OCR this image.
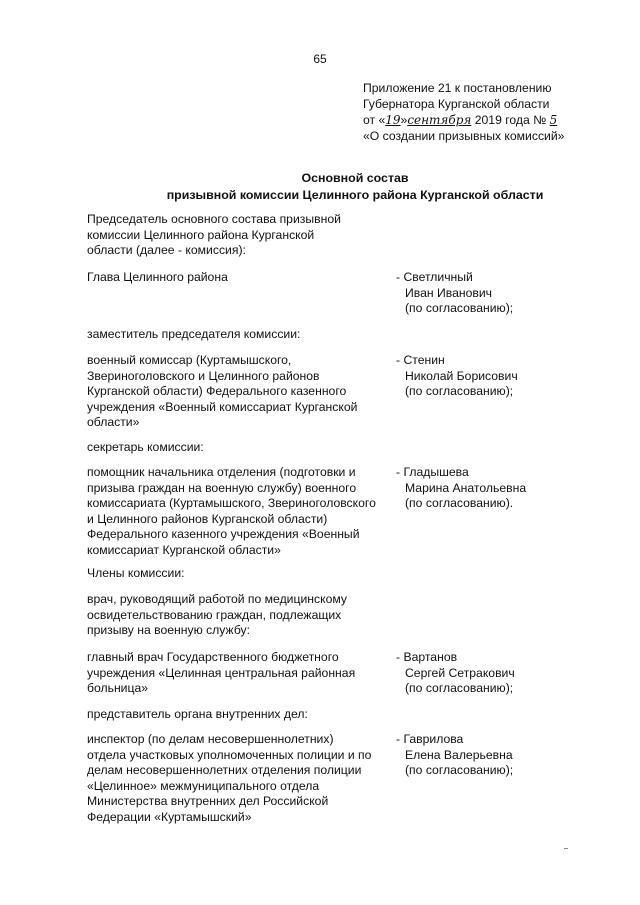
65
Приложение 21 к постановлению
Губернатора Курганской области
от «19»сентября 2019 года № 5
«О создании призывных комиссий»
Основной состав
призывной комиссии Целинного района Курганской области
Председатель основного состава призывной
комиссии Целинного района Курганской
области (далее - комиссия):
Глава Целинного района	- Светличный
Иван Иванович
(по согласованию);
заместитель председателя комиссии:
военный комиссар (Куртамышского,
Звериноголовского и Целинного районов
Курганской области) Федерального казенного
учреждения «Военный комиссариат Курганской
области»
- Стенин
Николай Борисович
(по согласованию);
секретарь комиссии:
помощник начальника отделения (подготовки и
призыва граждан на военную службу) военного
комиссариата (Куртамышского, Звериноголовского
и Целинного районов Курганской области)
Федерального казенного учреждения «Военный
комиссариат Курганской области»
- Гладышева
Марина Анатольевна
(по согласованию).
Члены комиссии:
врач, руководящий работой по медицинскому
освидетельствованию граждан, подлежащих
призыву на военную службу:
главный врач Государственного бюджетного
учреждения «Целинная центральная районная
больница»
- Вартанов
Сергей Сетракович
(по согласованию);
представитель органа внутренних дел:
инспектор (по делам несовершеннолетних)
отдела участковых уполномоченных полиции и по
делам несовершеннолетних отделения полиции
«Целинное» межмуниципального отдела
Министерства внутренних дел Российской
Федерации «Куртамышский»
- Гаврилова
Елена Валерьевна
(по согласованию);
